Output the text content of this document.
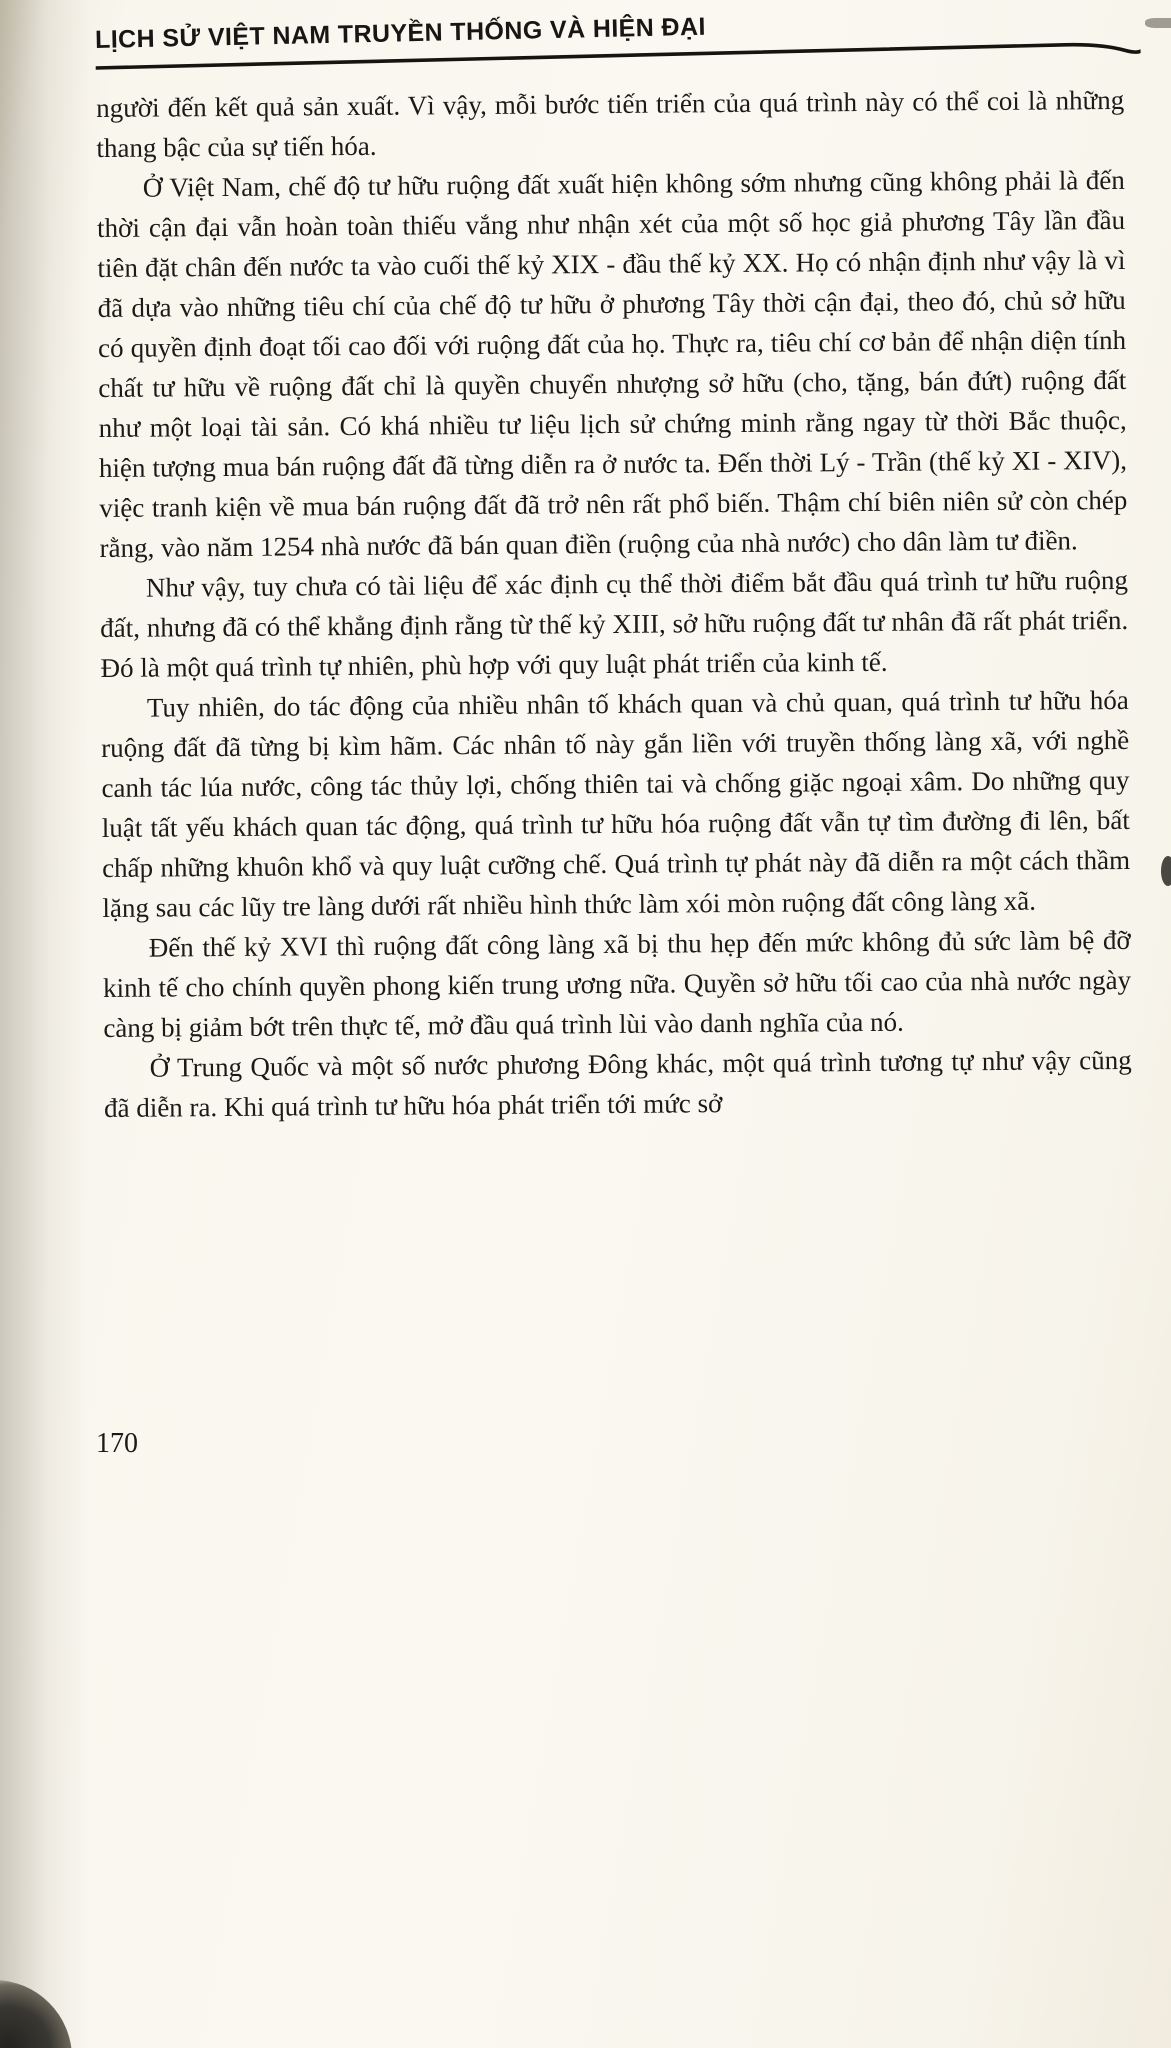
LỊCH SỬ VIỆT NAM TRUYỀN THỐNG VÀ HIỆN ĐẠI

người đến kết quả sản xuất. Vì vậy, mỗi bước tiến triển của quá trình này có thể coi là những thang bậc của sự tiến hóa.

Ở Việt Nam, chế độ tư hữu ruộng đất xuất hiện không sớm nhưng cũng không phải là đến thời cận đại vẫn hoàn toàn thiếu vắng như nhận xét của một số học giả phương Tây lần đầu tiên đặt chân đến nước ta vào cuối thế kỷ XIX - đầu thế kỷ XX. Họ có nhận định như vậy là vì đã dựa vào những tiêu chí của chế độ tư hữu ở phương Tây thời cận đại, theo đó, chủ sở hữu có quyền định đoạt tối cao đối với ruộng đất của họ. Thực ra, tiêu chí cơ bản để nhận diện tính chất tư hữu về ruộng đất chỉ là quyền chuyển nhượng sở hữu (cho, tặng, bán đứt) ruộng đất như một loại tài sản. Có khá nhiều tư liệu lịch sử chứng minh rằng ngay từ thời Bắc thuộc, hiện tượng mua bán ruộng đất đã từng diễn ra ở nước ta. Đến thời Lý - Trần (thế kỷ XI - XIV), việc tranh kiện về mua bán ruộng đất đã trở nên rất phổ biến. Thậm chí biên niên sử còn chép rằng, vào năm 1254 nhà nước đã bán quan điền (ruộng của nhà nước) cho dân làm tư điền.

Như vậy, tuy chưa có tài liệu để xác định cụ thể thời điểm bắt đầu quá trình tư hữu ruộng đất, nhưng đã có thể khẳng định rằng từ thế kỷ XIII, sở hữu ruộng đất tư nhân đã rất phát triển. Đó là một quá trình tự nhiên, phù hợp với quy luật phát triển của kinh tế.

Tuy nhiên, do tác động của nhiều nhân tố khách quan và chủ quan, quá trình tư hữu hóa ruộng đất đã từng bị kìm hãm. Các nhân tố này gắn liền với truyền thống làng xã, với nghề canh tác lúa nước, công tác thủy lợi, chống thiên tai và chống giặc ngoại xâm. Do những quy luật tất yếu khách quan tác động, quá trình tư hữu hóa ruộng đất vẫn tự tìm đường đi lên, bất chấp những khuôn khổ và quy luật cưỡng chế. Quá trình tự phát này đã diễn ra một cách thầm lặng sau các lũy tre làng dưới rất nhiều hình thức làm xói mòn ruộng đất công làng xã.

Đến thế kỷ XVI thì ruộng đất công làng xã bị thu hẹp đến mức không đủ sức làm bệ đỡ kinh tế cho chính quyền phong kiến trung ương nữa. Quyền sở hữu tối cao của nhà nước ngày càng bị giảm bớt trên thực tế, mở đầu quá trình lùi vào danh nghĩa của nó.

Ở Trung Quốc và một số nước phương Đông khác, một quá trình tương tự như vậy cũng đã diễn ra. Khi quá trình tư hữu hóa phát triển tới mức sở

170
